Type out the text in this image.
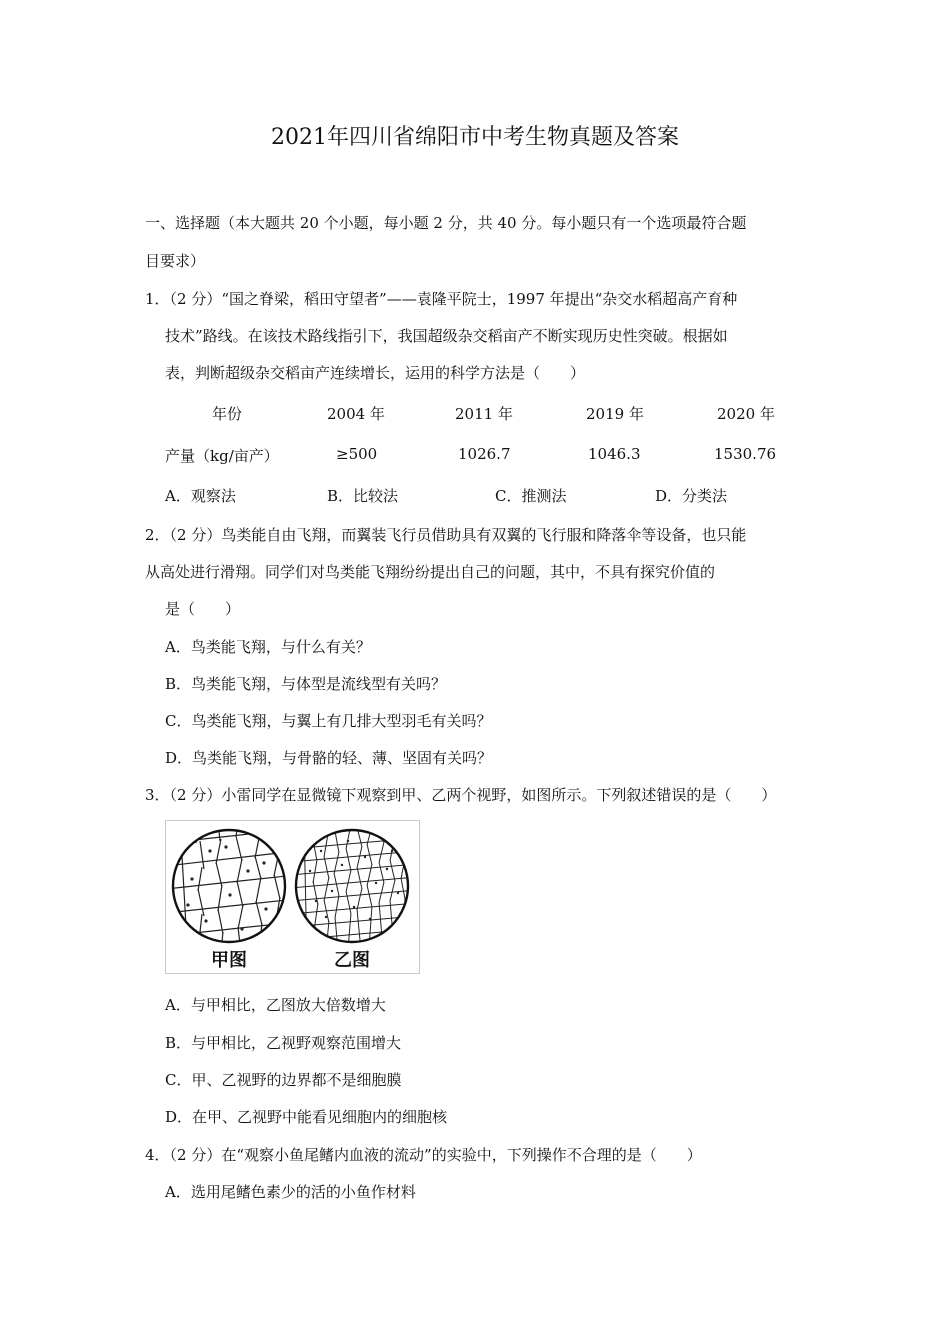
2021年四川省绵阳市中考生物真题及答案
一、选择题（本大题共 20 个小题，每小题 2 分，共 40 分。每小题只有一个选项最符合题
目要求）
1．（2 分）“国之脊梁，稻田守望者”——袁隆平院士，1997 年提出“杂交水稻超高产育种
技术”路线。在该技术路线指引下，我国超级杂交稻亩产不断实现历史性突破。根据如
表，判断超级杂交稻亩产连续增长，运用的科学方法是（　　）
年份	2004 年	2011 年	2019 年	2020 年
产量（kg/亩产）	≥500	1026.7	1046.3	1530.76
A．观察法	B．比较法	C．推测法	D．分类法
2．（2 分）鸟类能自由飞翔，而翼装飞行员借助具有双翼的飞行服和降落伞等设备，也只能
从高处进行滑翔。同学们对鸟类能飞翔纷纷提出自己的问题，其中，不具有探究价值的
是（　　）
A．鸟类能飞翔，与什么有关？
B．鸟类能飞翔，与体型是流线型有关吗？
C．鸟类能飞翔，与翼上有几排大型羽毛有关吗？
D．鸟类能飞翔，与骨骼的轻、薄、坚固有关吗？
3．（2 分）小雷同学在显微镜下观察到甲、乙两个视野，如图所示。下列叙述错误的是（　　）
甲图	乙图
A．与甲相比，乙图放大倍数增大
B．与甲相比，乙视野观察范围增大
C．甲、乙视野的边界都不是细胞膜
D．在甲、乙视野中能看见细胞内的细胞核
4．（2 分）在“观察小鱼尾鳍内血液的流动”的实验中，下列操作不合理的是（　　）
A．选用尾鳍色素少的活的小鱼作材料
